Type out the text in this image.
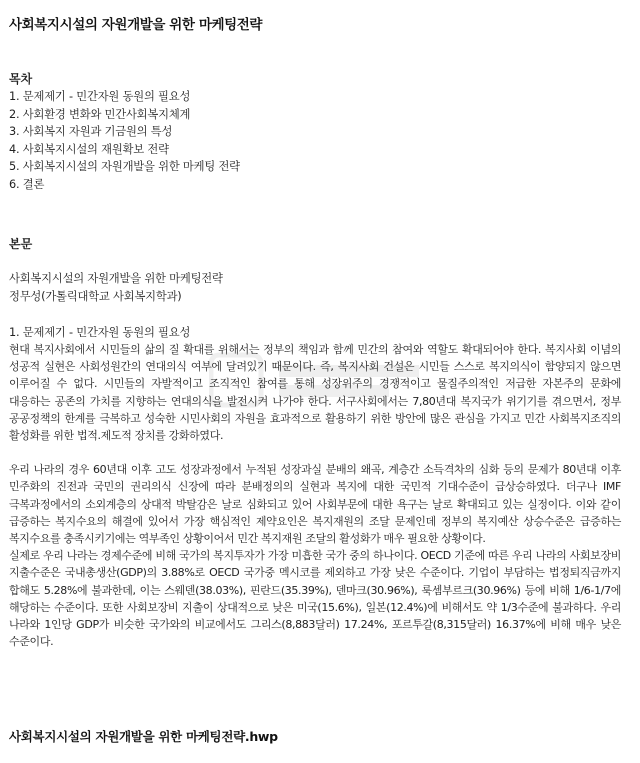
사회복지시설의 자원개발을 위한 마케팅전략
목차
1. 문제제기 - 민간자원 동원의 필요성
2. 사회환경 변화와 민간사회복지체계
3. 사회복지 자원과 기금원의 특성
4. 사회복지시설의 재원확보 전략
5. 사회복지시설의 자원개발을 위한 마케팅 전략
6. 결론
본문
사회복지시설의 자원개발을 위한 마케팅전략
정무성(가톨릭대학교 사회복지학과)
1. 문제제기 - 민간자원 동원의 필요성

현대 복지사회에서 시민들의 삶의 질 확대를 위해서는 정부의 책임과 함께 민간의 참여와 역할도 확대되어야 한다. 복지사회 이념의 성공적 실현은 사회성원간의 연대의식 여부에 달려있기 때문이다. 즉, 복지사회 건설은 시민들 스스로 복지의식이 함양되지 않으면 이루어질 수 없다. 시민들의 자발적이고 조직적인 참여를 통해 성장위주의 경쟁적이고 물질주의적인 저급한 자본주의 문화에 대응하는 공존의 가치를 지향하는 연대의식을 발전시켜 나가야 한다. 서구사회에서는 7,80년대 복지국가 위기기를 겪으면서, 정부 공공정책의 한계를 극복하고 성숙한 시민사회의 자원을 효과적으로 활용하기 위한 방안에 많은 관심을 가지고 민간 사회복지조직의 활성화를 위한 법적.제도적 장치를 강화하였다.

우리 나라의 경우 60년대 이후 고도 성장과정에서 누적된 성장과실 분배의 왜곡, 계층간 소득격차의 심화 등의 문제가 80년대 이후 민주화의 진전과 국민의 권리의식 신장에 따라 분배정의의 실현과 복지에 대한 국민적 기대수준이 급상승하였다. 더구나 IMF 극복과정에서의 소외계층의 상대적 박탈감은 날로 심화되고 있어 사회부문에 대한 욕구는 날로 확대되고 있는 실정이다. 이와 같이 급증하는 복지수요의 해결에 있어서 가장 핵심적인 제약요인은 복지재원의 조달 문제인데 정부의 복지예산 상승수준은 급증하는 복지수요를 충족시키기에는 역부족인 상황이어서 민간 복지재원 조달의 활성화가 매우 필요한 상황이다.

실제로 우리 나라는 경제수준에 비해 국가의 복지투자가 가장 미흡한 국가 중의 하나이다. OECD 기준에 따른 우리 나라의 사회보장비 지출수준은 국내총생산(GDP)의 3.88%로 OECD 국가중 멕시코를 제외하고 가장 낮은 수준이다. 기업이 부담하는 법정퇴직금까지 합해도 5.28%에 불과한데, 이는 스웨덴(38.03%), 핀란드(35.39%), 덴마크(30.96%), 룩셈부르크(30.96%) 등에 비해 1/6-1/7에 해당하는 수준이다. 또한 사회보장비 지출이 상대적으로 낮은 미국(15.6%), 일본(12.4%)에 비해서도 약 1/3수준에 불과하다. 우리 나라와 1인당 GDP가 비슷한 국가와의 비교에서도 그리스(8,883달러) 17.24%, 포르투갈(8,315달러) 16.37%에 비해 매우 낮은 수준이다.

사회복지시설의 자원개발을 위한 마케팅전략.hwp
